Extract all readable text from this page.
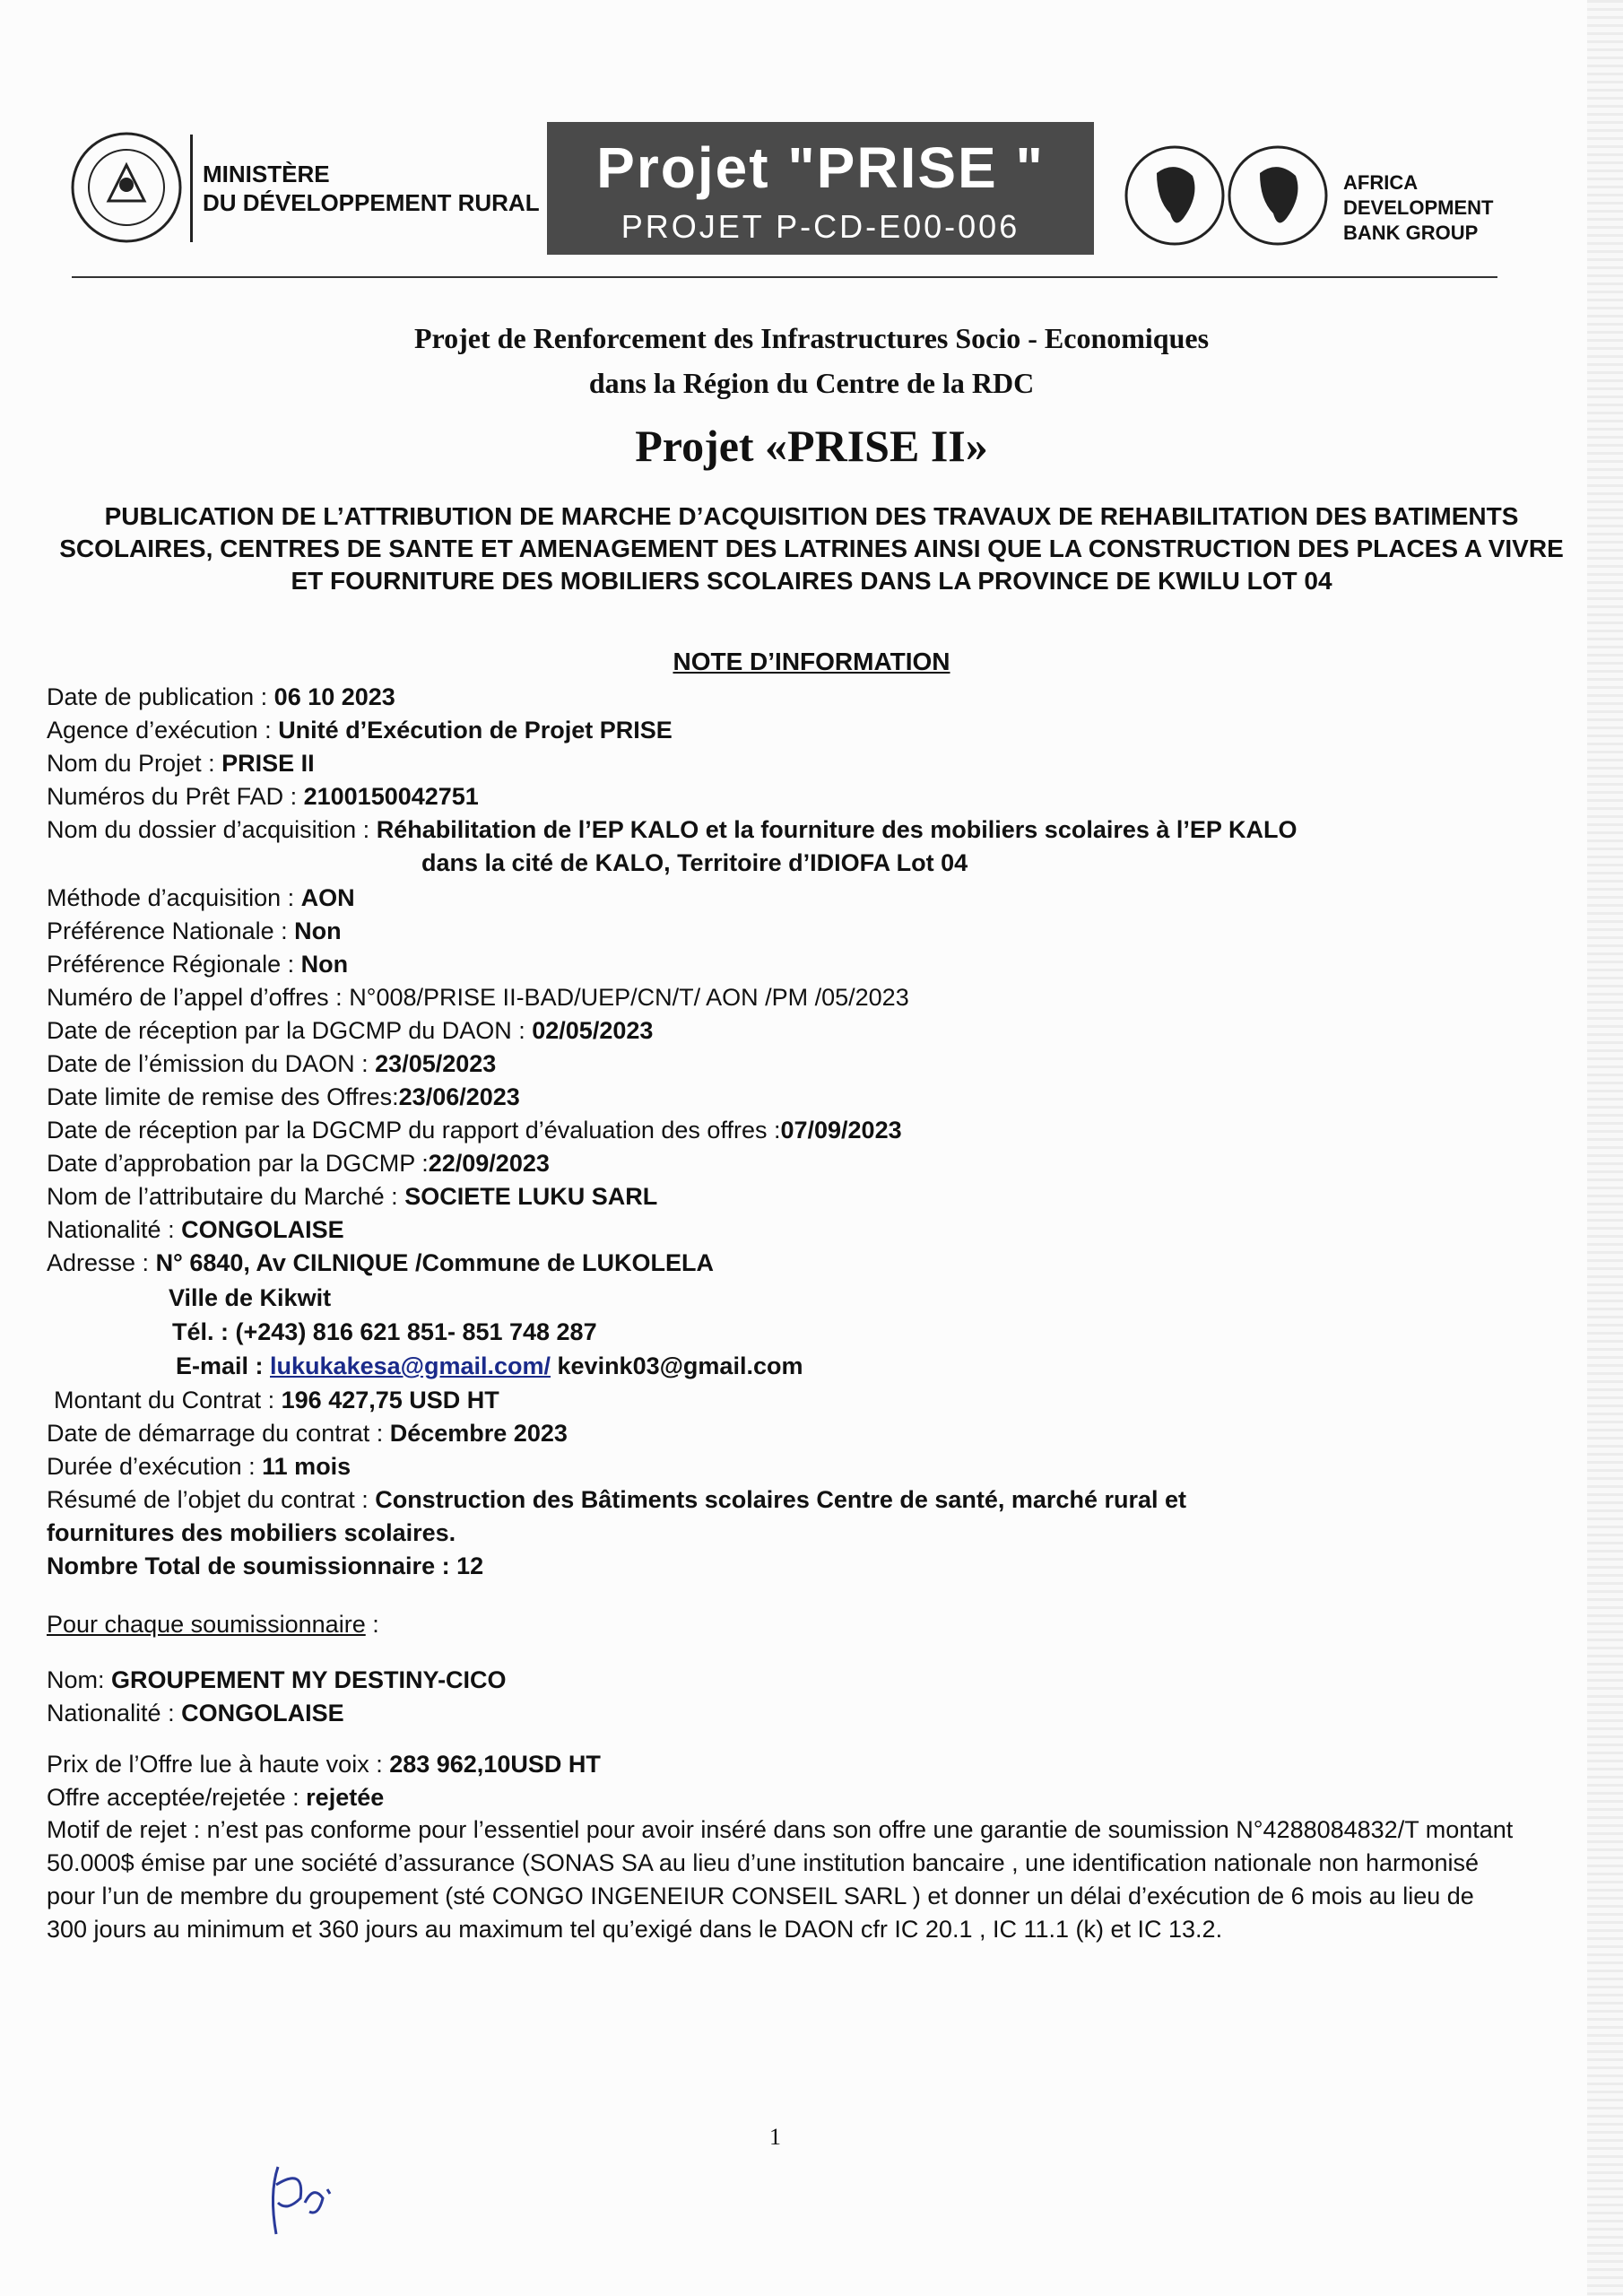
MINISTÈRE
DU DÉVELOPPEMENT RURAL
Projet "PRISE "
PROJET P-CD-E00-006
AFRICA DEVELOPMENT
BANK GROUP
Projet de Renforcement des Infrastructures Socio - Economiques
dans la Région du Centre de la RDC
Projet «PRISE II»
PUBLICATION DE L’ATTRIBUTION DE MARCHE D’ACQUISITION DES TRAVAUX DE REHABILITATION DES BATIMENTS SCOLAIRES, CENTRES DE SANTE ET AMENAGEMENT DES LATRINES AINSI QUE LA CONSTRUCTION DES PLACES A VIVRE ET FOURNITURE DES MOBILIERS SCOLAIRES DANS LA PROVINCE DE KWILU LOT 04
NOTE D’INFORMATION
Date de publication : 06 10 2023
Agence d’exécution : Unité d’Exécution de Projet PRISE
Nom du Projet : PRISE II
Numéros du Prêt FAD : 2100150042751
Nom du dossier d’acquisition : Réhabilitation de l’EP KALO et la fourniture des mobiliers scolaires à l’EP KALO
dans la cité de KALO, Territoire d’IDIOFA Lot 04
Méthode d’acquisition : AON
Préférence Nationale : Non
Préférence Régionale : Non
Numéro de l’appel d’offres : N°008/PRISE II-BAD/UEP/CN/T/ AON /PM /05/2023
Date de réception par la DGCMP du DAON : 02/05/2023
Date de l’émission du DAON : 23/05/2023
Date limite de remise des Offres:23/06/2023
Date de réception par la DGCMP du rapport d’évaluation des offres :07/09/2023
Date d’approbation par la DGCMP :22/09/2023
Nom de l’attributaire du Marché : SOCIETE LUKU SARL
Nationalité : CONGOLAISE
Adresse : N° 6840, Av CILNIQUE /Commune de LUKOLELA
Ville de Kikwit
Tél. : (+243) 816 621 851- 851 748 287
E-mail : lukukakesa@gmail.com/ kevink03@gmail.com
Montant du Contrat : 196 427,75 USD HT
Date de démarrage du contrat : Décembre 2023
Durée d’exécution : 11 mois
Résumé de l’objet du contrat : Construction des Bâtiments scolaires Centre de santé, marché rural et
fournitures des mobiliers scolaires.
Nombre Total de soumissionnaire : 12
Pour chaque soumissionnaire :
Nom: GROUPEMENT MY DESTINY-CICO
Nationalité : CONGOLAISE
Prix de l’Offre lue à haute voix : 283 962,10USD HT
Offre acceptée/rejetée : rejetée
Motif de rejet : n’est pas conforme pour l’essentiel pour avoir inséré dans son offre une garantie de soumission N°4288084832/T montant 50.000$ émise par une société d’assurance (SONAS SA au lieu d’une institution bancaire , une identification nationale non harmonisé pour l’un de membre du groupement (sté CONGO INGENEIUR CONSEIL SARL ) et donner un délai d’exécution de 6 mois au lieu de 300 jours au minimum et 360 jours au maximum tel qu’exigé dans le DAON cfr IC 20.1 , IC 11.1 (k) et IC 13.2.
1
